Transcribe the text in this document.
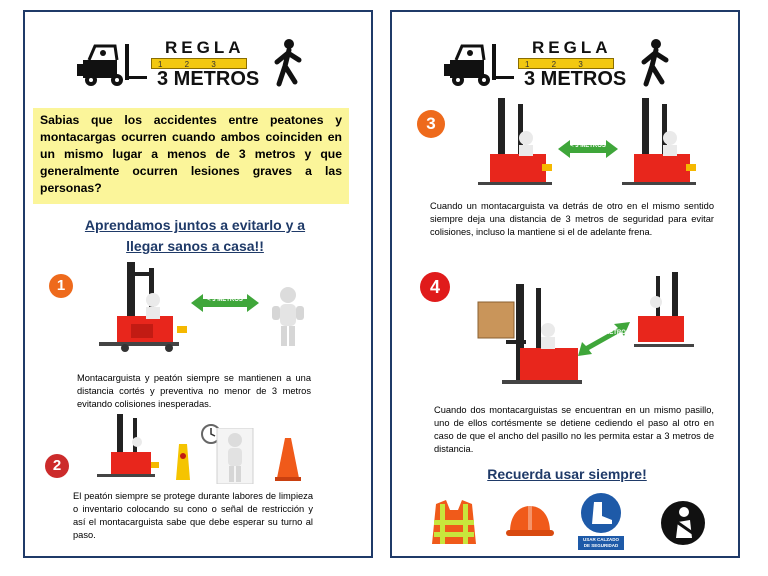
REGLA
1 2 3
3 METROS
Sabias que los accidentes entre peatones y montacargas ocurren cuando ambos coinciden en un mismo lugar a menos de 3 metros y que generalmente ocurren lesiones graves a las personas?
Aprendamos juntos a evitarlo y a
llegar sanos a casa!!
1
< 3 METROS
Montacarguista y peatón siempre se mantienen a una distancia cortés y preventiva no menor de 3 metros evitando colisiones inesperadas.
2
El peatón siempre se protege durante labores de limpieza o inventario colocando su cono o señal de restricción y así el montacarguista sabe que debe esperar su turno al paso.
REGLA
1 2 3
3 METROS
3
< 3 METROS
Cuando un montacarguista va detrás de otro en el mismo sentido siempre deja una distancia de 3 metros de seguridad para evitar colisiones, incluso la mantiene si el de adelante frena.
4
< 3 METROS
Cuando dos montacarguistas se encuentran en un mismo pasillo, uno de ellos cortésmente se detiene cediendo el paso al otro en caso de que el ancho del pasillo no les permita estar a 3 metros de distancia.
Recuerda usar siempre!
USAR CALZADO
DE SEGURIDAD
